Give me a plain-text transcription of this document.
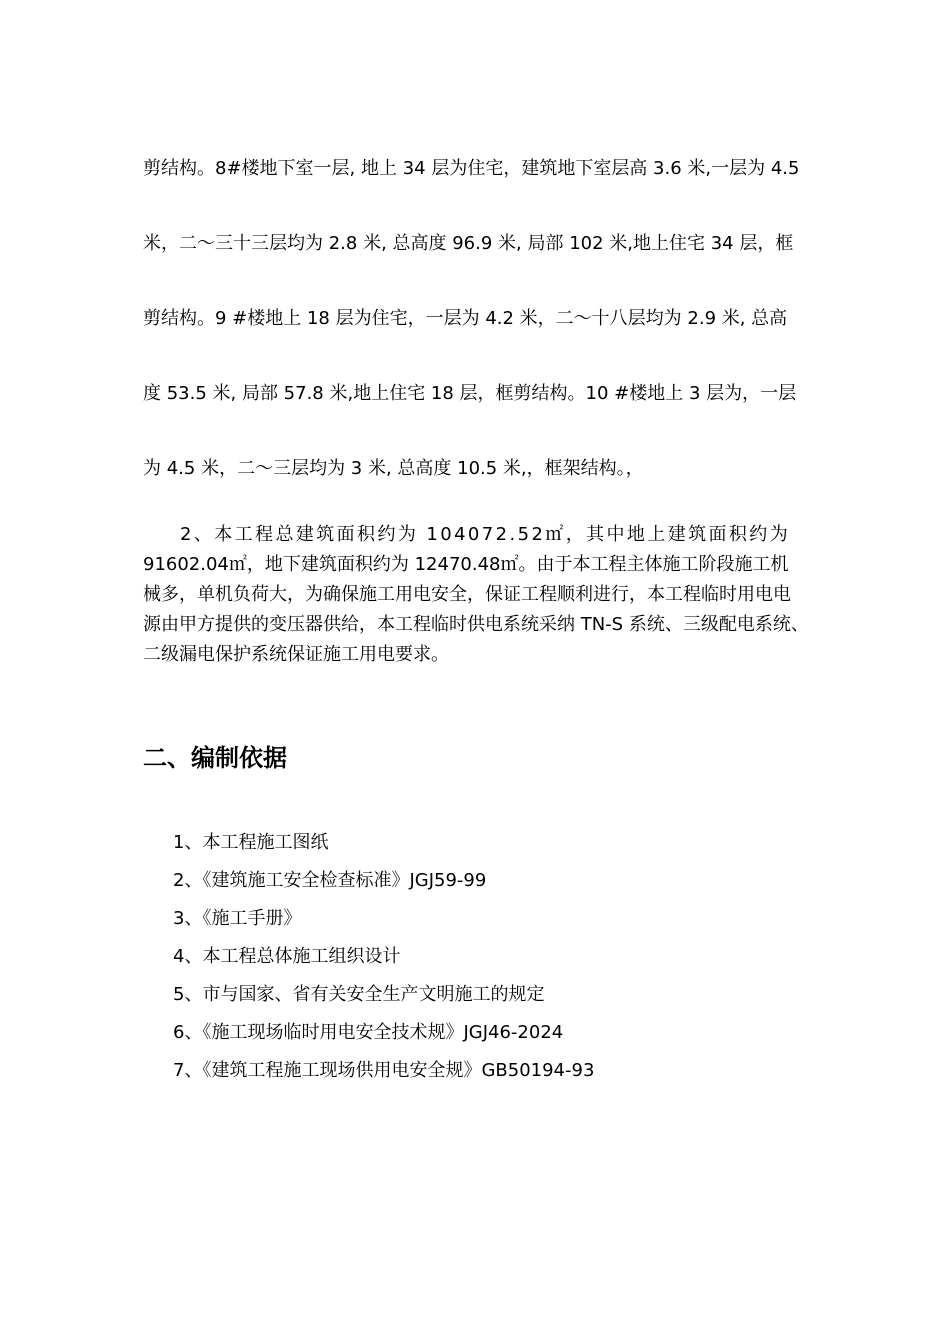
剪结构。8#楼地下室一层, 地上 34 层为住宅，建筑地下室层高 3.6 米,一层为 4.5
米，二～三十三层均为 2.8 米, 总高度 96.9 米, 局部 102 米,地上住宅 34 层，框
剪结构。9 #楼地上 18 层为住宅，一层为 4.2 米，二～十八层均为 2.9 米, 总高
度 53.5 米, 局部 57.8 米,地上住宅 18 层，框剪结构。10 #楼地上 3 层为，一层
为 4.5 米，二～三层均为 3 米, 总高度 10.5 米,，框架结构。，
2、本工程总建筑面积约为 104072.52㎡，其中地上建筑面积约为
91602.04㎡，地下建筑面积约为 12470.48㎡。由于本工程主体施工阶段施工机
械多，单机负荷大，为确保施工用电安全，保证工程顺利进行，本工程临时用电电
源由甲方提供的变压器供给，本工程临时供电系统采纳 TN-S 系统、三级配电系统、
二级漏电保护系统保证施工用电要求。
二、编制依据
1、本工程施工图纸
2、《建筑施工安全检查标准》JGJ59-99
3、《施工手册》
4、本工程总体施工组织设计
5、市与国家、省有关安全生产文明施工的规定
6、《施工现场临时用电安全技术规》JGJ46-2024
7、《建筑工程施工现场供用电安全规》GB50194-93
